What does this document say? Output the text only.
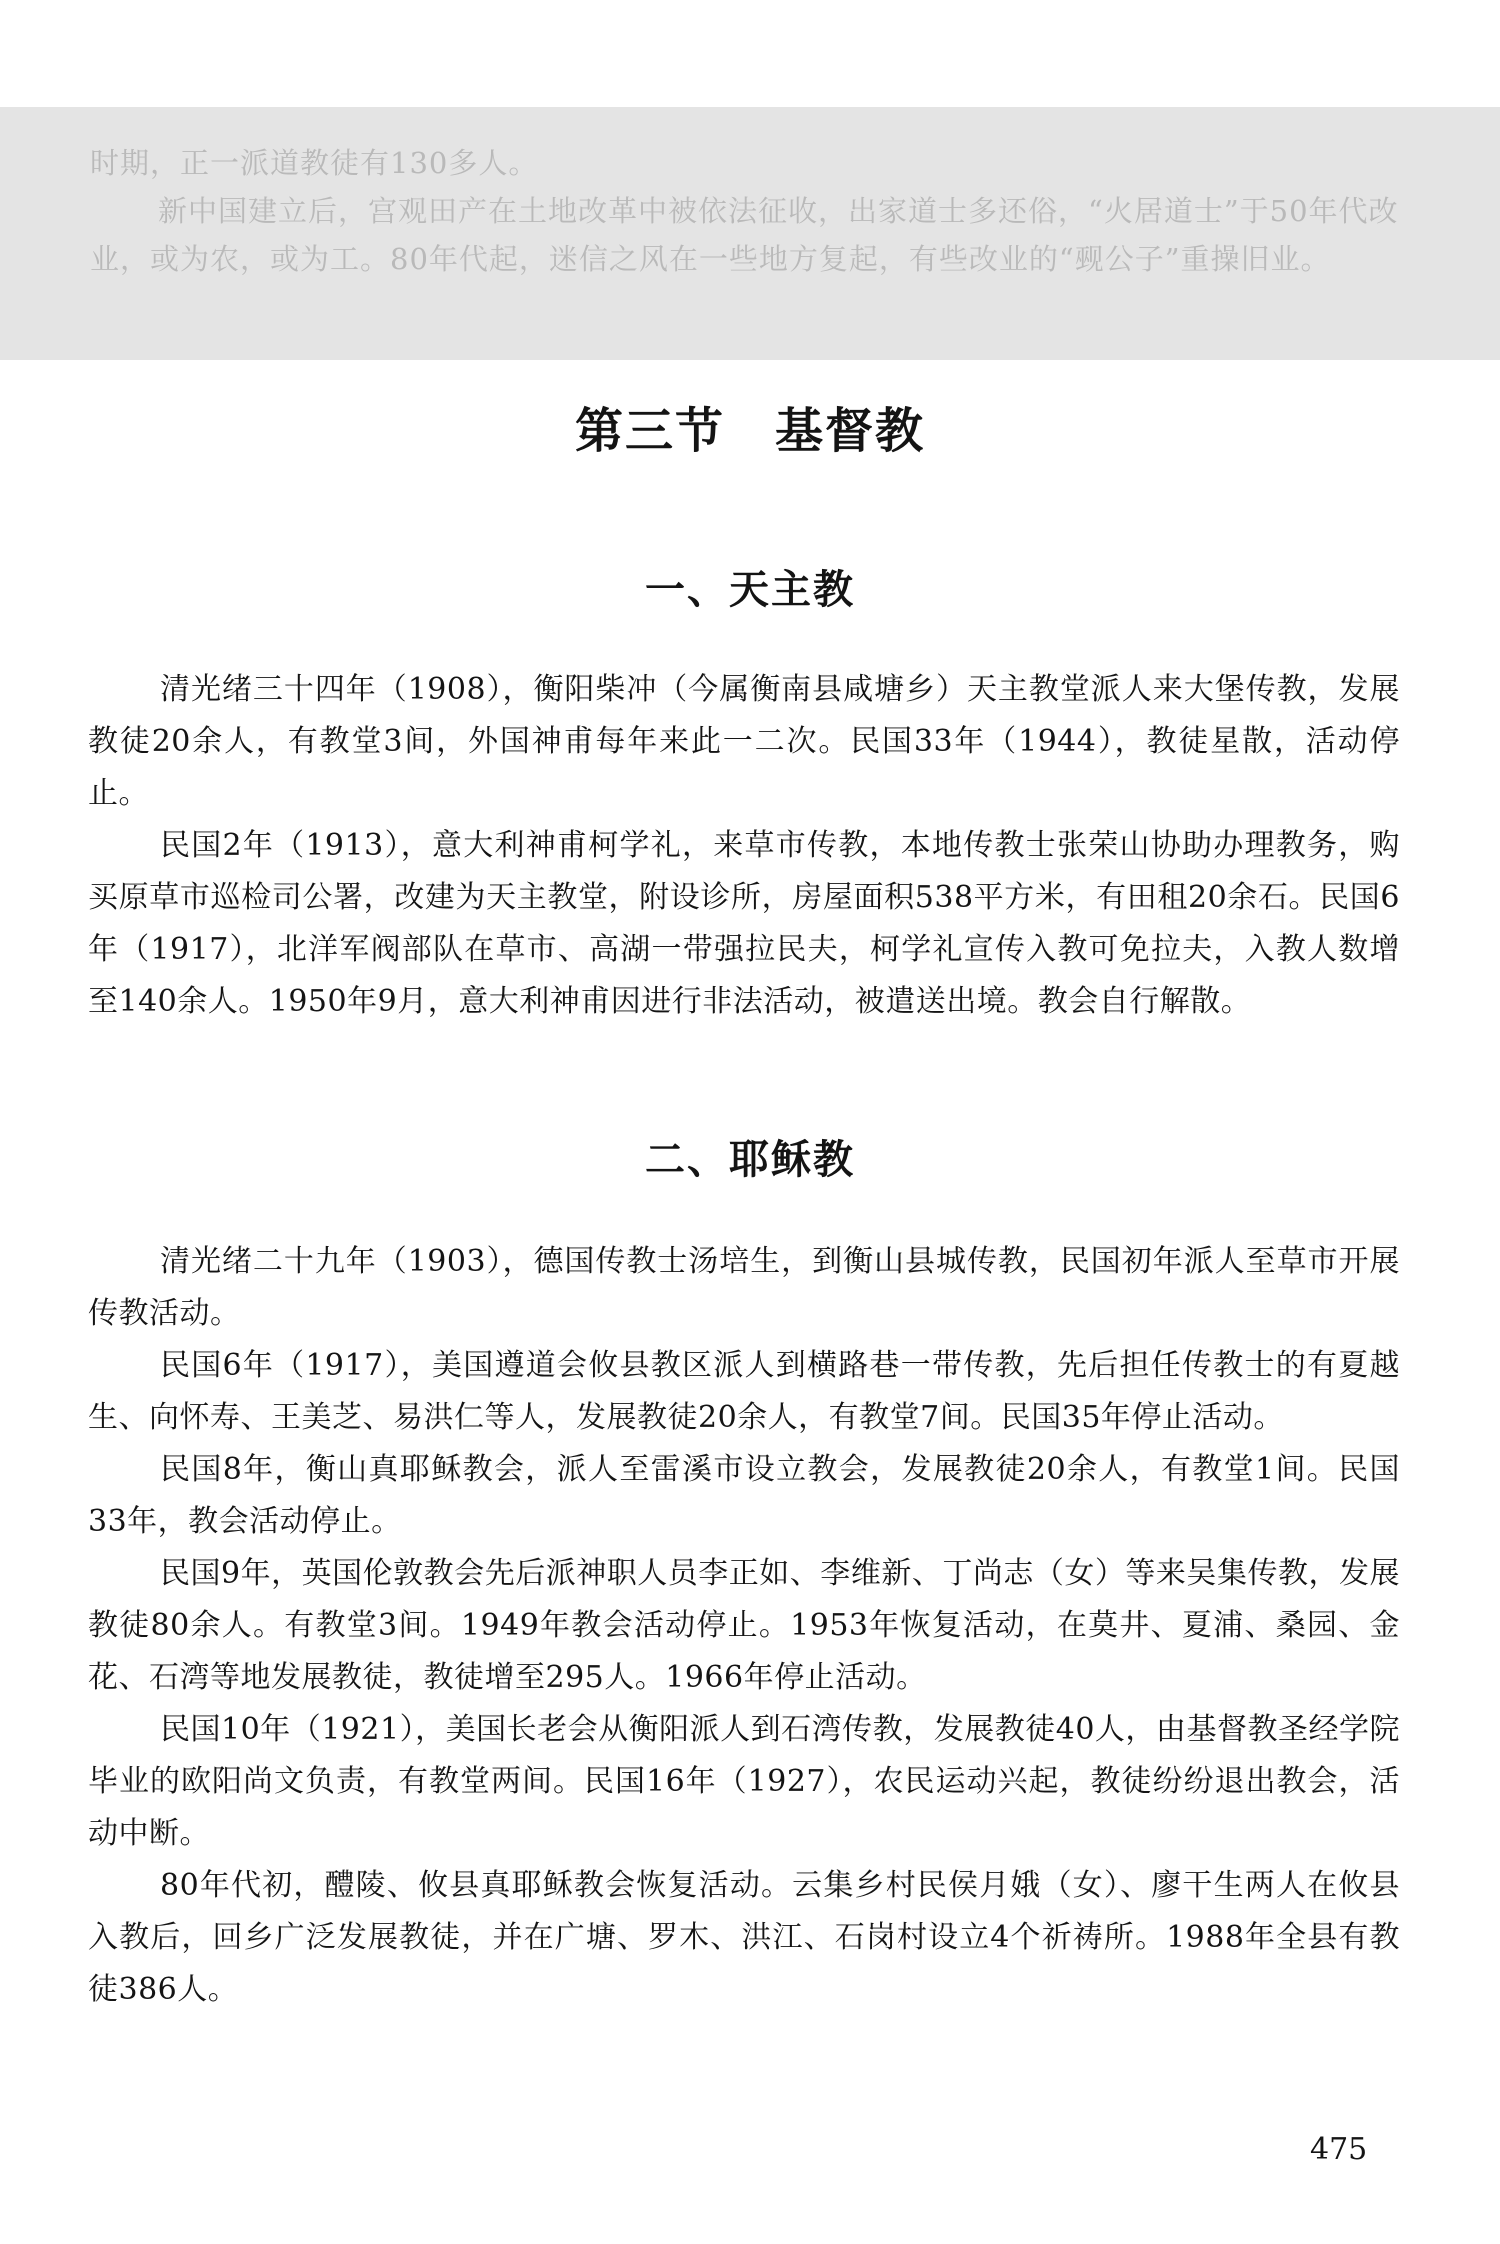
时期，正一派道教徒有130多人。

新中国建立后，宫观田产在土地改革中被依法征收，出家道士多还俗，“火居道士”于50年代改业，或为农，或为工。80年代起，迷信之风在一些地方复起，有些改业的“觋公子”重操旧业。

第三节　基督教
一、天主教

清光绪三十四年（1908），衡阳柴冲（今属衡南县咸塘乡）天主教堂派人来大堡传教，发展教徒20余人，有教堂3间，外国神甫每年来此一二次。民国33年（1944），教徒星散，活动停止。

民国2年（1913），意大利神甫柯学礼，来草市传教，本地传教士张荣山协助办理教务，购买原草市巡检司公署，改建为天主教堂，附设诊所，房屋面积538平方米，有田租20余石。民国6年（1917），北洋军阀部队在草市、高湖一带强拉民夫，柯学礼宣传入教可免拉夫，入教人数增至140余人。1950年9月，意大利神甫因进行非法活动，被遣送出境。教会自行解散。

二、耶稣教

清光绪二十九年（1903），德国传教士汤培生，到衡山县城传教，民国初年派人至草市开展传教活动。

民国6年（1917），美国遵道会攸县教区派人到横路巷一带传教，先后担任传教士的有夏越生、向怀寿、王美芝、易洪仁等人，发展教徒20余人，有教堂7间。民国35年停止活动。

民国8年，衡山真耶稣教会，派人至雷溪市设立教会，发展教徒20余人，有教堂1间。民国33年，教会活动停止。

民国9年，英国伦敦教会先后派神职人员李正如、李维新、丁尚志（女）等来吴集传教，发展教徒80余人。有教堂3间。1949年教会活动停止。1953年恢复活动，在莫井、夏浦、桑园、金花、石湾等地发展教徒，教徒增至295人。1966年停止活动。

民国10年（1921），美国长老会从衡阳派人到石湾传教，发展教徒40人，由基督教圣经学院毕业的欧阳尚文负责，有教堂两间。民国16年（1927），农民运动兴起，教徒纷纷退出教会，活动中断。

80年代初，醴陵、攸县真耶稣教会恢复活动。云集乡村民侯月娥（女）、廖干生两人在攸县入教后，回乡广泛发展教徒，并在广塘、罗木、洪江、石岗村设立4个祈祷所。1988年全县有教徒386人。

475
